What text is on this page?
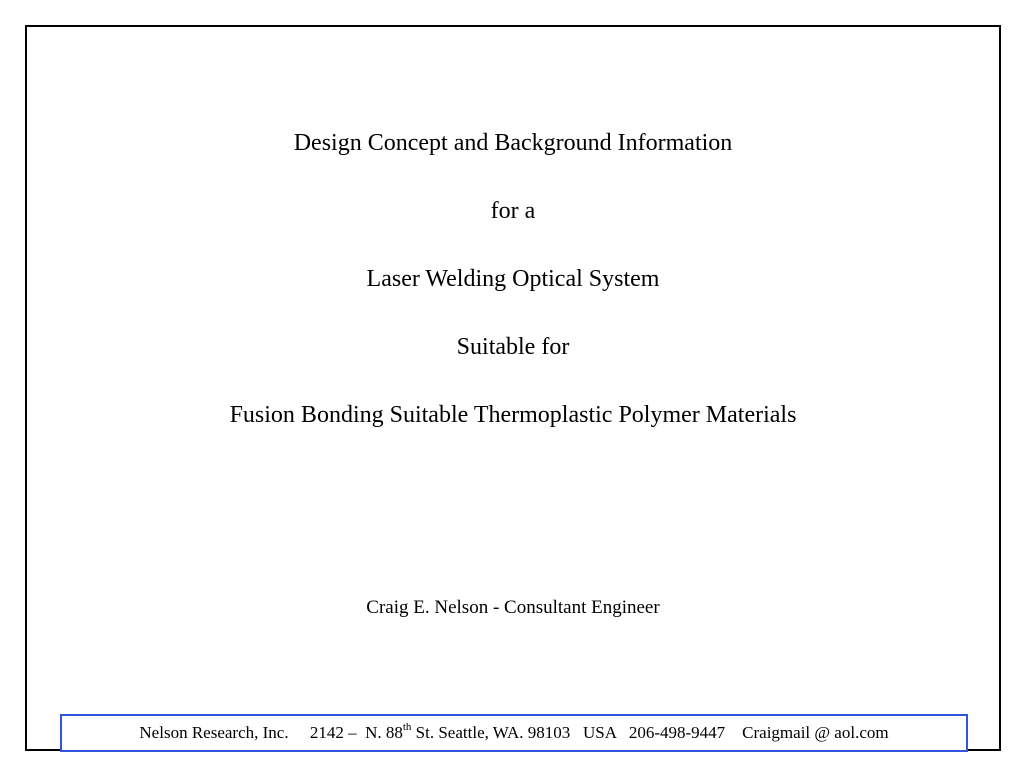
Design Concept and Background Information
for a
Laser Welding Optical System
Suitable for
Fusion Bonding Suitable Thermoplastic Polymer Materials
Craig E. Nelson - Consultant Engineer
Nelson Research, Inc. 2142 –  N. 88th St. Seattle, WA. 98103 USA 206-498-9447 Craigmail @ aol.com
